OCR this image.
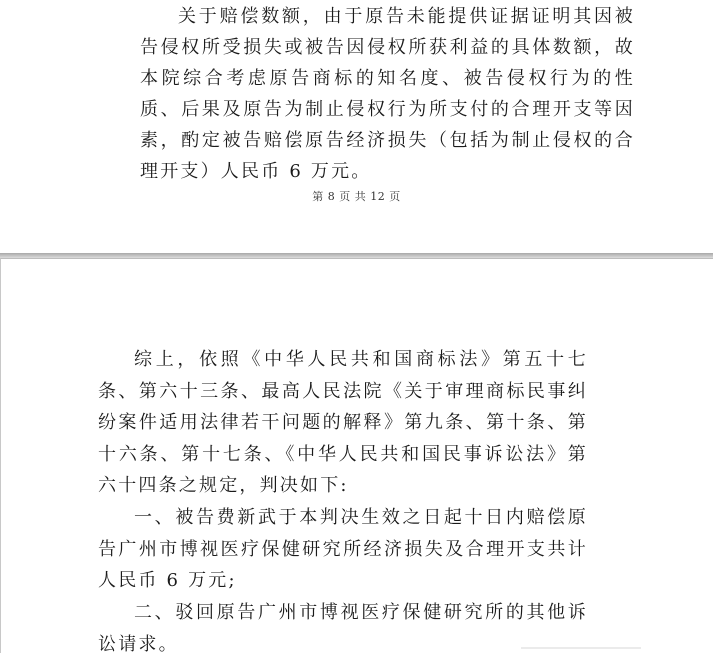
关于赔偿数额，由于原告未能提供证据证明其因被告侵权所受损失或被告因侵权所获利益的具体数额，故本院综合考虑原告商标的知名度、被告侵权行为的性质、后果及原告为制止侵权行为所支付的合理开支等因素，酌定被告赔偿原告经济损失（包括为制止侵权的合理开支）人民币 6 万元。

第 8 页 共 12 页

综上，依照《中华人民共和国商标法》第五十七条、第六十三条、最高人民法院《关于审理商标民事纠纷案件适用法律若干问题的解释》第九条、第十条、第十六条、第十七条、《中华人民共和国民事诉讼法》第六十四条之规定，判决如下:

一、被告费新武于本判决生效之日起十日内赔偿原告广州市博视医疗保健研究所经济损失及合理开支共计人民币 6 万元;

二、驳回原告广州市博视医疗保健研究所的其他诉讼请求。
